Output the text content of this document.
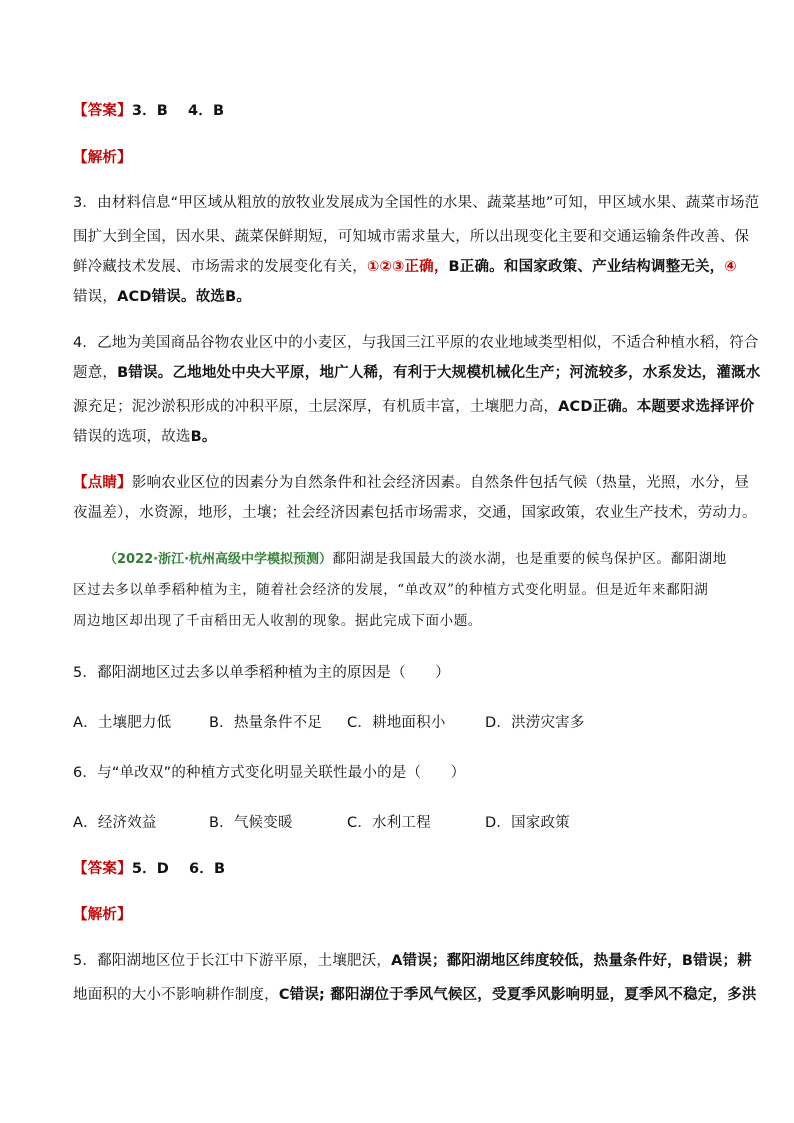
【答案】3．B　 4．B
【解析】
3．由材料信息“甲区域从粗放的放牧业发展成为全国性的水果、蔬菜基地”可知，甲区域水果、蔬菜市场范
围扩大到全国，因水果、蔬菜保鲜期短，可知城市需求量大，所以出现变化主要和交通运输条件改善、保
鲜冷藏技术发展、市场需求的发展变化有关，①②③正确，B正确。和国家政策、产业结构调整无关，④
错误，ACD错误。故选B。
4．乙地为美国商品谷物农业区中的小麦区，与我国三江平原的农业地域类型相似，不适合种植水稻，符合
题意，B错误。乙地地处中央大平原，地广人稀，有利于大规模机械化生产；河流较多，水系发达，灌溉水
源充足；泥沙淤积形成的冲积平原，土层深厚，有机质丰富，土壤肥力高，ACD正确。本题要求选择评价
错误的选项，故选B。
【点睛】影响农业区位的因素分为自然条件和社会经济因素。自然条件包括气候（热量，光照，水分，昼
夜温差），水资源，地形，土壤；社会经济因素包括市场需求，交通，国家政策，农业生产技术，劳动力。
（2022·浙江·杭州高级中学模拟预测）鄱阳湖是我国最大的淡水湖，也是重要的候鸟保护区。鄱阳湖地
区过去多以单季稻种植为主，随着社会经济的发展，“单改双”的种植方式变化明显。但是近年来鄱阳湖
周边地区却出现了千亩稻田无人收割的现象。据此完成下面小题。
5．鄱阳湖地区过去多以单季稻种植为主的原因是（　　）
A．土壤肥力低	B．热量条件不足 C．耕地面积小	D．洪涝灾害多
6．与“单改双”的种植方式变化明显关联性最小的是（　　）
A．经济效益	B．气候变暖	C．水利工程	D．国家政策
【答案】5．D　 6．B
【解析】
5．鄱阳湖地区位于长江中下游平原，土壤肥沃，A错误；鄱阳湖地区纬度较低，热量条件好，B错误；耕
地面积的大小不影响耕作制度，C错误; 鄱阳湖位于季风气候区，受夏季风影响明显，夏季风不稳定，多洪
